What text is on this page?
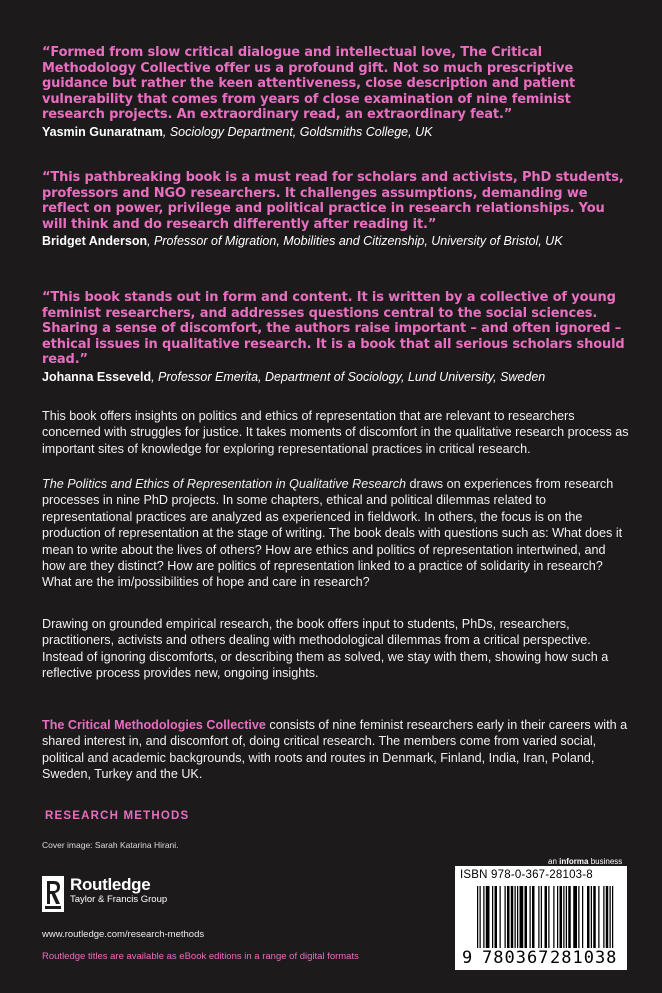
“Formed from slow critical dialogue and intellectual love, The Critical Methodology Collective offer us a profound gift. Not so much prescriptive guidance but rather the keen attentiveness, close description and patient vulnerability that comes from years of close examination of nine feminist research projects. An extraordinary read, an extraordinary feat.”

Yasmin Gunaratnam, Sociology Department, Goldsmiths College, UK

“This pathbreaking book is a must read for scholars and activists, PhD students, professors and NGO researchers. It challenges assumptions, demanding we reflect on power, privilege and political practice in research relationships. You will think and do research differently after reading it.”

Bridget Anderson, Professor of Migration, Mobilities and Citizenship, University of Bristol, UK

“This book stands out in form and content. It is written by a collective of young feminist researchers, and addresses questions central to the social sciences. Sharing a sense of discomfort, the authors raise important – and often ignored – ethical issues in qualitative research. It is a book that all serious scholars should read.”

Johanna Esseveld, Professor Emerita, Department of Sociology, Lund University, Sweden

This book offers insights on politics and ethics of representation that are relevant to researchers concerned with struggles for justice. It takes moments of discomfort in the qualitative research process as important sites of knowledge for exploring representational practices in critical research.

The Politics and Ethics of Representation in Qualitative Research draws on experiences from research processes in nine PhD projects. In some chapters, ethical and political dilemmas related to representational practices are analyzed as experienced in fieldwork. In others, the focus is on the production of representation at the stage of writing. The book deals with questions such as: What does it mean to write about the lives of others? How are ethics and politics of representation intertwined, and how are they distinct? How are politics of representation linked to a practice of solidarity in research? What are the im/possibilities of hope and care in research?

Drawing on grounded empirical research, the book offers input to students, PhDs, researchers, practitioners, activists and others dealing with methodological dilemmas from a critical perspective. Instead of ignoring discomforts, or describing them as solved, we stay with them, showing how such a reflective process provides new, ongoing insights.

The Critical Methodologies Collective consists of nine feminist researchers early in their careers with a shared interest in, and discomfort of, doing critical research. The members come from varied social, political and academic backgrounds, with roots and routes in Denmark, Finland, India, Iran, Poland, Sweden, Turkey and the UK.

RESEARCH METHODS
Cover image: Sarah Katarina Hirani.
Routledge
Taylor & Francis Group
www.routledge.com/research-methods
Routledge titles are available as eBook editions in a range of digital formats
an informa business
ISBN 978-0-367-28103-8
9 780367 281038
